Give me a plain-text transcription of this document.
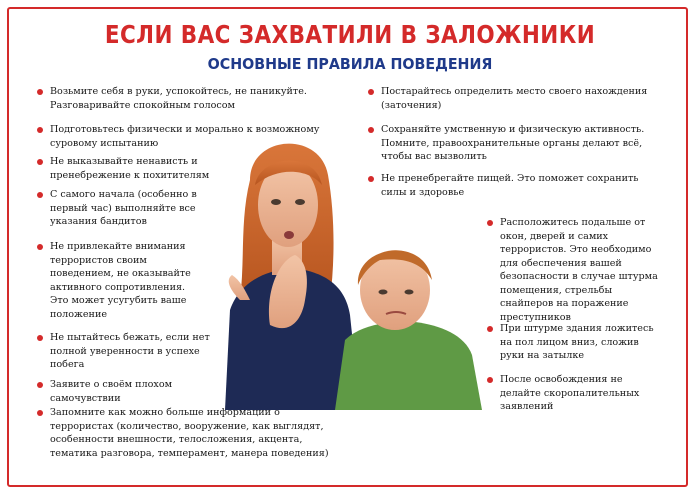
ЕСЛИ ВАС ЗАХВАТИЛИ В ЗАЛОЖНИКИ
ОСНОВНЫЕ ПРАВИЛА ПОВЕДЕНИЯ
Возьмите себя в руки, успокойтесь, не паникуйте. Разговаривайте спокойным голосом
Подготовьтесь физически и морально к возможному суровому испытанию
Не выказывайте ненависть и пренебрежение к похитителям
С самого начала (особенно в первый час) выполняйте все указания бандитов
Не привлекайте внимания террористов своим поведением, не оказывайте активного сопротивления. Это может усугубить ваше положение
Не пытайтесь бежать, если нет полной уверенности в успехе побега
Заявите о своём плохом самочувствии
Запомните как можно больше информации о террористах (количество, вооружение, как выглядят, особенности внешности, телосложения, акцента, тематика разговора, темперамент, манера поведения)
Постарайтесь определить место своего нахождения (заточения)
Сохраняйте умственную и физическую активность. Помните, правоохранительные органы делают всё, чтобы вас вызволить
Не пренебрегайте пищей. Это поможет сохранить силы и здоровье
Расположитесь подальше от окон, дверей и самих террористов. Это необходимо для обеспечения вашей безопасности в случае штурма помещения, стрельбы снайперов на поражение преступников
При штурме здания ложитесь на пол лицом вниз, сложив руки на затылке
После освобождения не делайте скоропалительных заявлений
